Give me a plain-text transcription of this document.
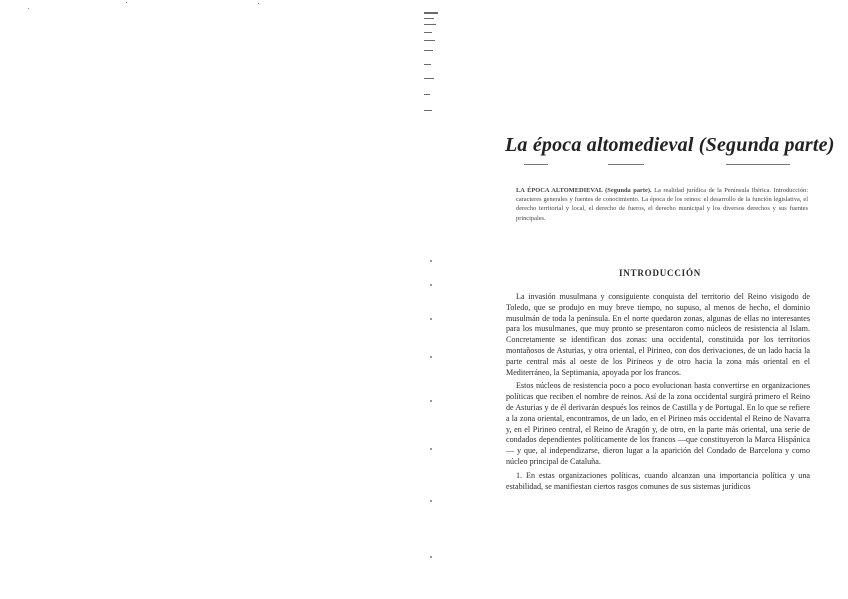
La época altomedieval (Segunda parte)
LA ÉPOCA ALTOMEDIEVAL (Segunda parte). La realidad jurídica de la Península Ibérica. Introducción: caracteres generales y fuentes de conocimiento. La época de los reinos: el desarrollo de la función legislativa, el derecho territorial y local, el derecho de fueros, el derecho municipal y los diversos derechos y sus fuentes principales.
INTRODUCCIÓN

La invasión musulmana y consiguiente conquista del territorio del Reino visigodo de Toledo, que se produjo en muy breve tiempo, no supuso, al menos de hecho, el dominio musulmán de toda la península. En el norte quedaron zonas, algunas de ellas no interesantes para los musulmanes, que muy pronto se presentaron como núcleos de resistencia al Islam. Concretamente se identifican dos zonas: una occidental, constituida por los territorios montañosos de Asturias, y otra oriental, el Pirineo, con dos derivaciones, de un lado hacia la parte central más al oeste de los Pirineos y de otro hacia la zona más oriental en el Mediterráneo, la Septimania, apoyada por los francos.

Estos núcleos de resistencia poco a poco evolucionan hasta convertirse en organizaciones políticas que reciben el nombre de reinos. Así de la zona occidental surgirá primero el Reino de Asturias y de él derivarán después los reinos de Castilla y de Portugal. En lo que se refiere a la zona oriental, encontramos, de un lado, en el Pirineo más occidental el Reino de Navarra y, en el Pirineo central, el Reino de Aragón y, de otro, en la parte más oriental, una serie de condados dependientes políticamente de los francos —que constituyeron la Marca Hispánica— y que, al independizarse, dieron lugar a la aparición del Condado de Barcelona y como núcleo principal de Cataluña.

1. En estas organizaciones políticas, cuando alcanzan una importancia política y una estabilidad, se manifiestan ciertos rasgos comunes de sus sistemas jurídicos
